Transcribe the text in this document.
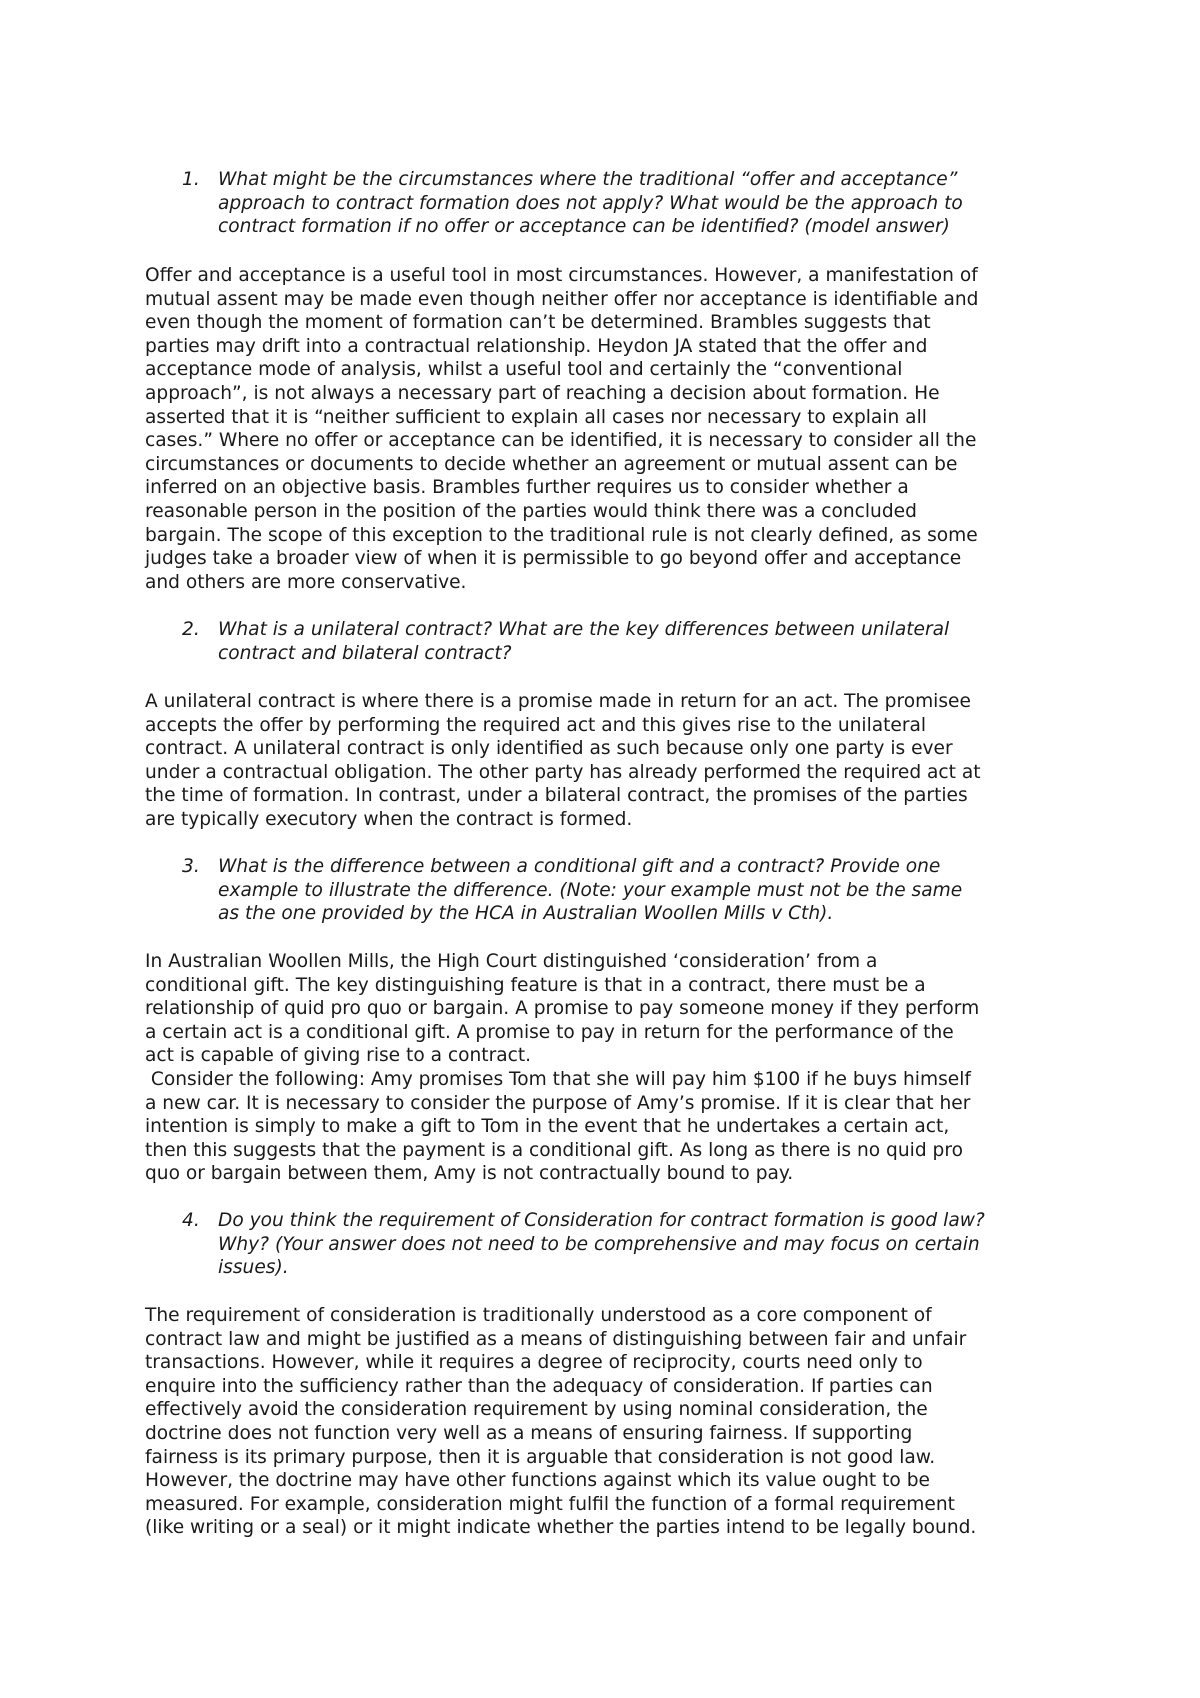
1. What might be the circumstances where the traditional “offer and acceptance”
approach to contract formation does not apply? What would be the approach to
contract formation if no offer or acceptance can be identified? (model answer)
Offer and acceptance is a useful tool in most circumstances. However, a manifestation of
mutual assent may be made even though neither offer nor acceptance is identifiable and
even though the moment of formation can’t be determined. Brambles suggests that
parties may drift into a contractual relationship. Heydon JA stated that the offer and
acceptance mode of analysis, whilst a useful tool and certainly the “conventional
approach”, is not always a necessary part of reaching a decision about formation. He
asserted that it is “neither sufficient to explain all cases nor necessary to explain all
cases.” Where no offer or acceptance can be identified, it is necessary to consider all the
circumstances or documents to decide whether an agreement or mutual assent can be
inferred on an objective basis. Brambles further requires us to consider whether a
reasonable person in the position of the parties would think there was a concluded
bargain. The scope of this exception to the traditional rule is not clearly defined, as some
judges take a broader view of when it is permissible to go beyond offer and acceptance
and others are more conservative.
2. What is a unilateral contract? What are the key differences between unilateral
contract and bilateral contract?
A unilateral contract is where there is a promise made in return for an act. The promisee
accepts the offer by performing the required act and this gives rise to the unilateral
contract. A unilateral contract is only identified as such because only one party is ever
under a contractual obligation. The other party has already performed the required act at
the time of formation. In contrast, under a bilateral contract, the promises of the parties
are typically executory when the contract is formed.
3. What is the difference between a conditional gift and a contract? Provide one
example to illustrate the difference. (Note: your example must not be the same
as the one provided by the HCA in Australian Woollen Mills v Cth).
In Australian Woollen Mills, the High Court distinguished ‘consideration’ from a
conditional gift. The key distinguishing feature is that in a contract, there must be a
relationship of quid pro quo or bargain. A promise to pay someone money if they perform
a certain act is a conditional gift. A promise to pay in return for the performance of the
act is capable of giving rise to a contract.
Consider the following: Amy promises Tom that she will pay him $100 if he buys himself
a new car. It is necessary to consider the purpose of Amy’s promise. If it is clear that her
intention is simply to make a gift to Tom in the event that he undertakes a certain act,
then this suggests that the payment is a conditional gift. As long as there is no quid pro
quo or bargain between them, Amy is not contractually bound to pay.
4. Do you think the requirement of Consideration for contract formation is good law?
Why? (Your answer does not need to be comprehensive and may focus on certain
issues).
The requirement of consideration is traditionally understood as a core component of
contract law and might be justified as a means of distinguishing between fair and unfair
transactions. However, while it requires a degree of reciprocity, courts need only to
enquire into the sufficiency rather than the adequacy of consideration. If parties can
effectively avoid the consideration requirement by using nominal consideration, the
doctrine does not function very well as a means of ensuring fairness. If supporting
fairness is its primary purpose, then it is arguable that consideration is not good law.
However, the doctrine may have other functions against which its value ought to be
measured. For example, consideration might fulfil the function of a formal requirement
(like writing or a seal) or it might indicate whether the parties intend to be legally bound.
